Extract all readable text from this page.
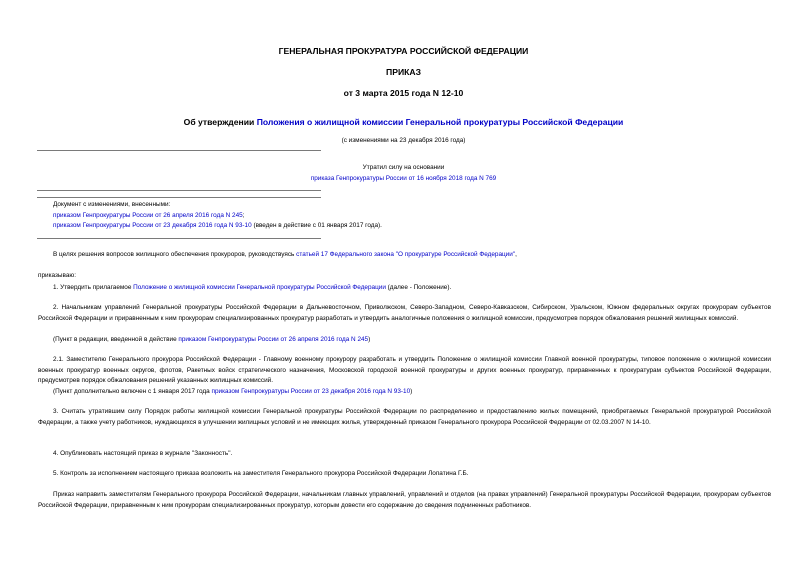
ГЕНЕРАЛЬНАЯ ПРОКУРАТУРА РОССИЙСКОЙ ФЕДЕРАЦИИ
ПРИКАЗ
от 3 марта 2015 года N 12-10
Об утверждении Положения о жилищной комиссии Генеральной прокуратуры Российской Федерации
(с изменениями на 23 декабря 2016 года)
Утратил силу на основании
приказа Генпрокуратуры России от 16 ноября 2018 года N 769
Документ с изменениями, внесенными:
приказом Генпрокуратуры России от 26 апреля 2016 года N 245;
приказом Генпрокуратуры России от 23 декабря 2016 года N 93-10 (введен в действие с 01 января 2017 года).
В целях решения вопросов жилищного обеспечения прокуроров, руководствуясь статьей 17 Федерального закона "О прокуратуре Российской Федерации",
приказываю:
1. Утвердить прилагаемое Положение о жилищной комиссии Генеральной прокуратуры Российской Федерации (далее - Положение).
2. Начальникам управлений Генеральной прокуратуры Российской Федерации в Дальневосточном, Приволжском, Северо-Западном, Северо-Кавказском, Сибирском, Уральском, Южном федеральных округах прокурорам субъектов Российской Федерации и приравненным к ним прокурорам специализированных прокуратур разработать и утвердить аналогичные положения о жилищной комиссии, предусмотрев порядок обжалования решений жилищных комиссий.
(Пункт в редакции, введенной в действие приказом Генпрокуратуры России от 26 апреля 2016 года N 245)
2.1. Заместителю Генерального прокурора Российской Федерации - Главному военному прокурору разработать и утвердить Положение о жилищной комиссии Главной военной прокуратуры, типовое положение о жилищной комиссии военных прокуратур военных округов, флотов, Ракетных войск стратегического назначения, Московской городской военной прокуратуры и других военных прокуратур, приравненных к прокуратурам субъектов Российской Федерации, предусмотрев порядок обжалования решений указанных жилищных комиссий.
(Пункт дополнительно включен с 1 января 2017 года приказом Генпрокуратуры России от 23 декабря 2016 года N 93-10)
3. Считать утратившим силу Порядок работы жилищной комиссии Генеральной прокуратуры Российской Федерации по распределению и предоставлению жилых помещений, приобретаемых Генеральной прокуратурой Российской Федерации, а также учету работников, нуждающихся в улучшении жилищных условий и не имеющих жилья, утвержденный приказом Генерального прокурора Российской Федерации от 02.03.2007 N 14-10.
4. Опубликовать настоящий приказ в журнале "Законность".
5. Контроль за исполнением настоящего приказа возложить на заместителя Генерального прокурора Российской Федерации Лопатина Г.Б.
Приказ направить заместителям Генерального прокурора Российской Федерации, начальникам главных управлений, управлений и отделов (на правах управлений) Генеральной прокуратуры Российской Федерации, прокурорам субъектов Российской Федерации, приравненным к ним прокурорам специализированных прокуратур, которым довести его содержание до сведения подчиненных работников.
